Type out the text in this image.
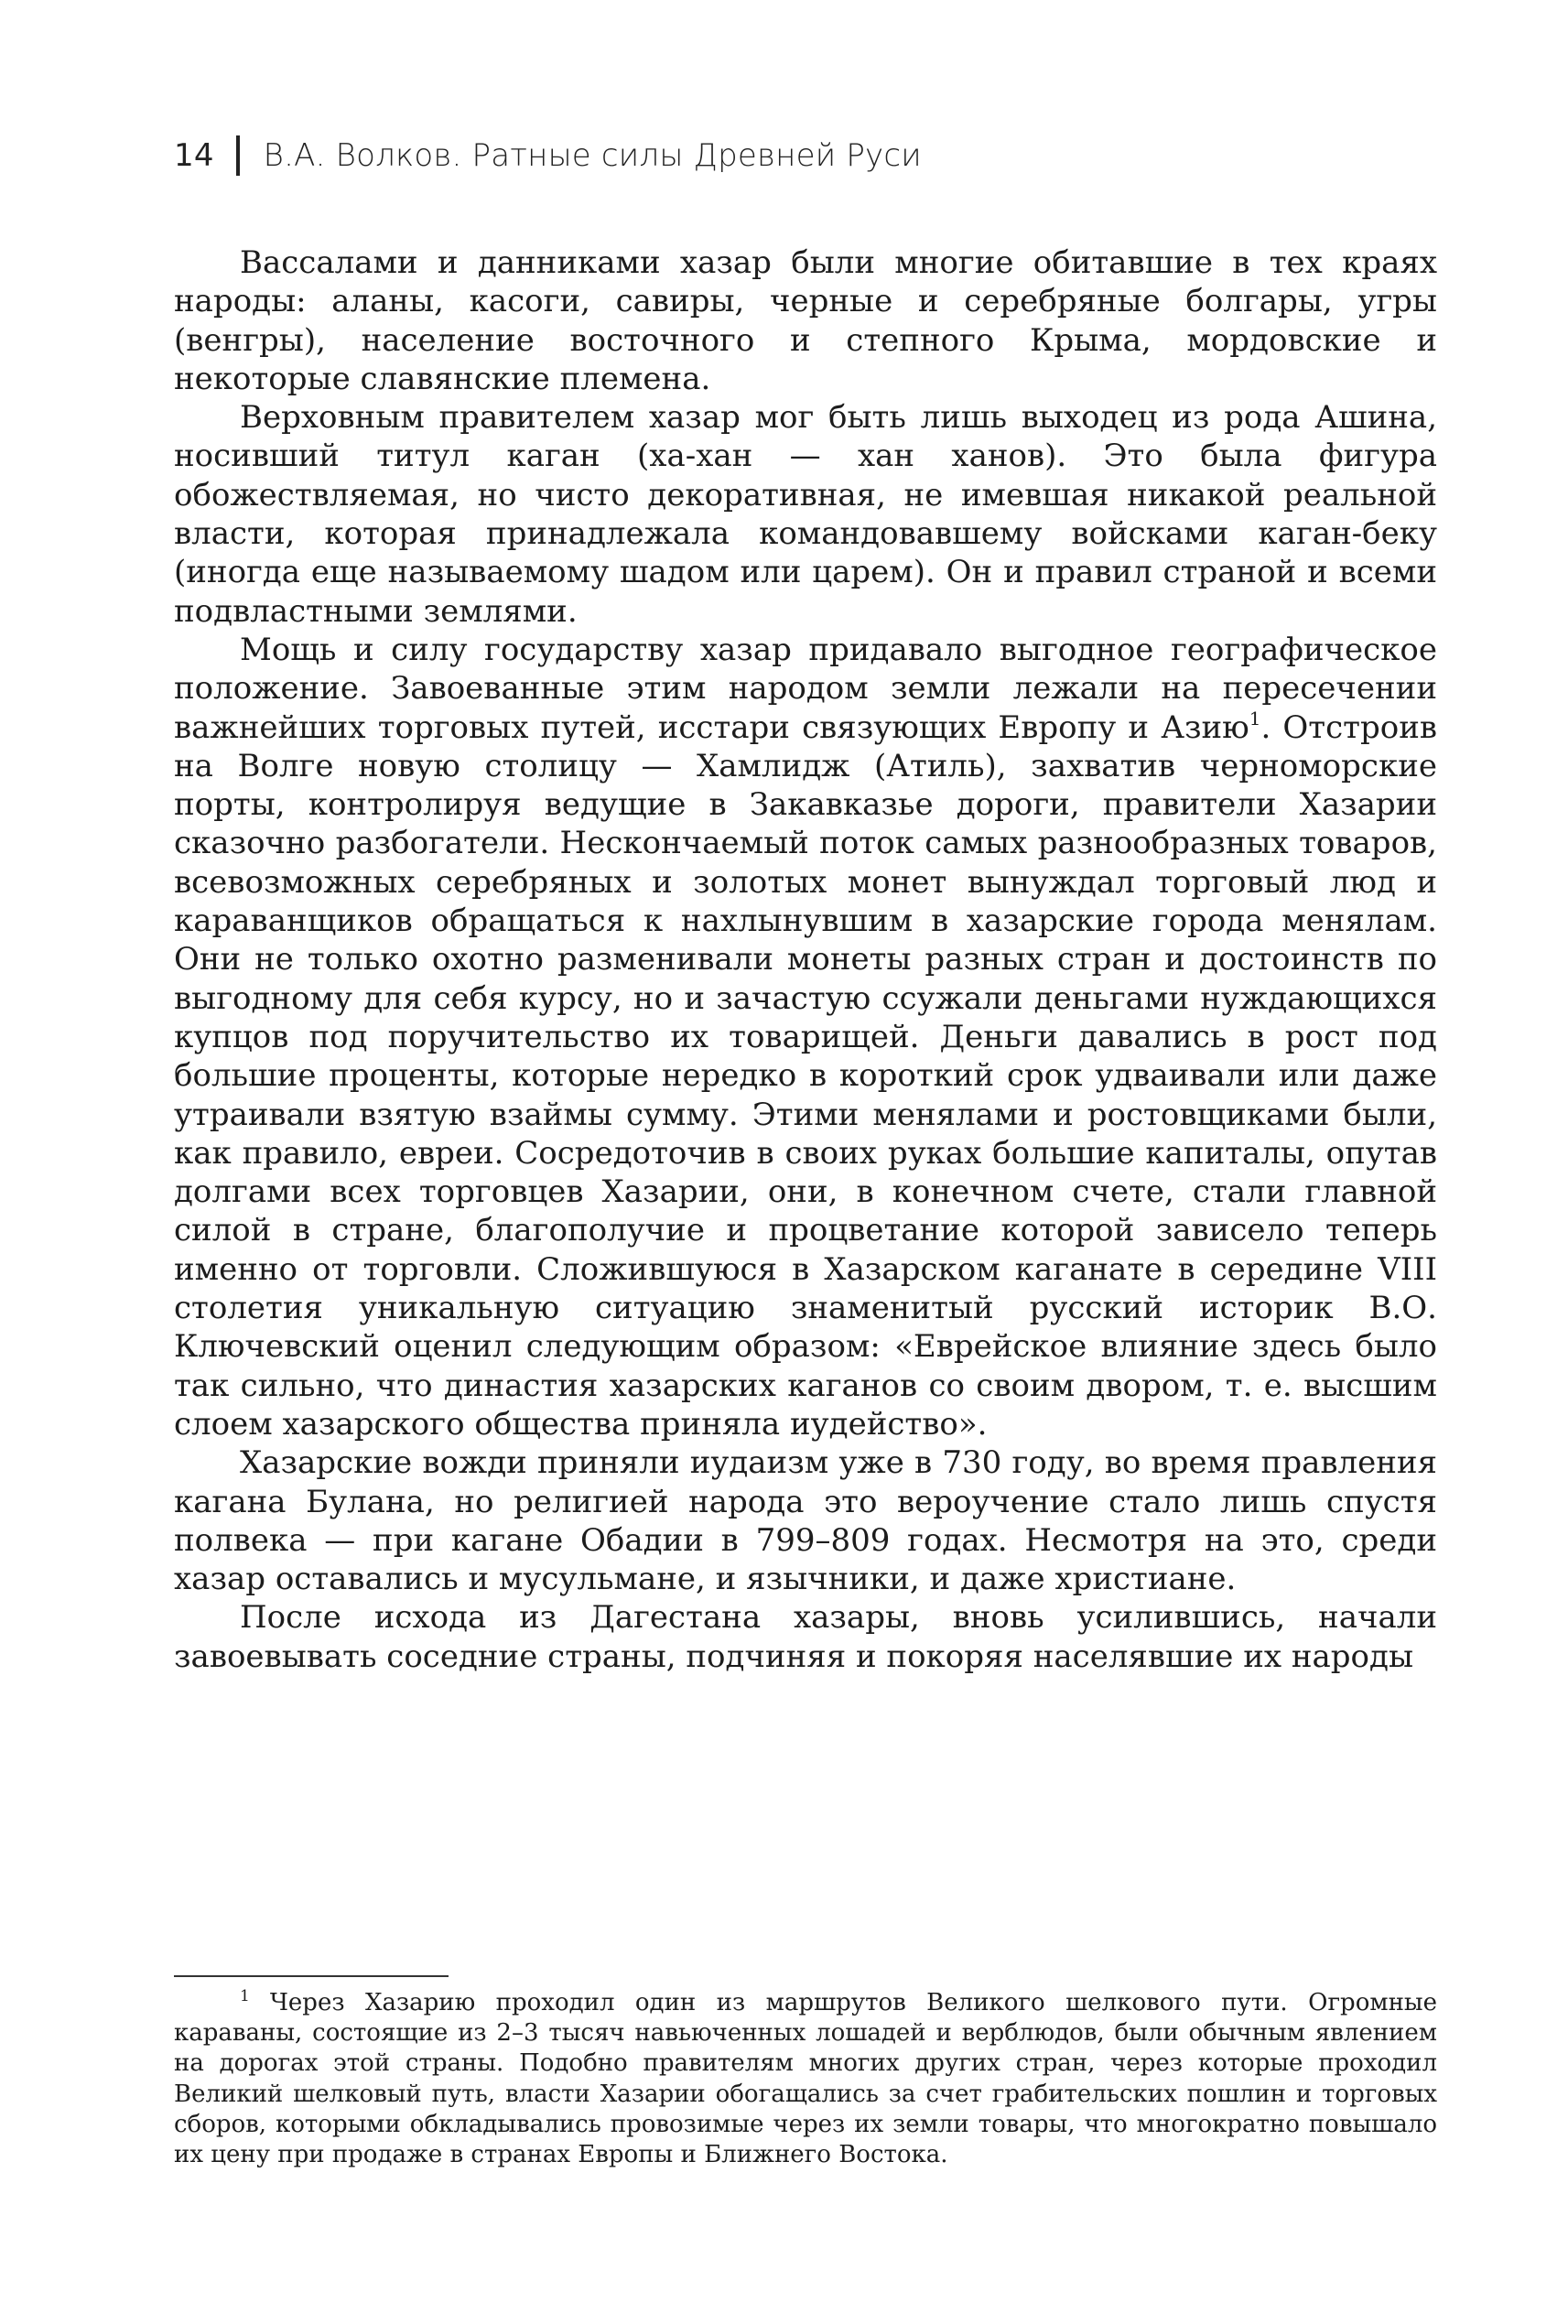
14 В.А. Волков. Ратные силы Древней Руси

Вассалами и данниками хазар были многие обитавшие в тех краях народы: аланы, касоги, савиры, черные и серебряные болгары, угры (венгры), население восточного и степного Крыма, мордовские и некоторые славянские племена.

Верховным правителем хазар мог быть лишь выходец из рода Ашина, носивший титул каган (ха-хан — хан ханов). Это была фигура обожествляемая, но чисто декоративная, не имевшая никакой реальной власти, которая принадлежала командовавшему войсками каган-беку (иногда еще называемому шадом или царем). Он и правил страной и всеми подвластными землями.

Мощь и силу государству хазар придавало выгодное географическое положение. Завоеванные этим народом земли лежали на пересечении важнейших торговых путей, исстари связующих Европу и Азию$^1$. Отстроив на Волге новую столицу — Хамлидж (Атиль), захватив черноморские порты, контролируя ведущие в Закавказье дороги, правители Хазарии сказочно разбогатели. Нескончаемый поток самых разнообразных товаров, всевозможных серебряных и золотых монет вынуждал торговый люд и караванщиков обращаться к нахлынувшим в хазарские города менялам. Они не только охотно разменивали монеты разных стран и достоинств по выгодному для себя курсу, но и зачастую ссужали деньгами нуждающихся купцов под поручительство их товарищей. Деньги давались в рост под большие проценты, которые нередко в короткий срок удваивали или даже утраивали взятую взаймы сумму. Этими менялами и ростовщиками были, как правило, евреи. Сосредоточив в своих руках большие капиталы, опутав долгами всех торговцев Хазарии, они, в конечном счете, стали главной силой в стране, благополучие и процветание которой зависело теперь именно от торговли. Сложившуюся в Хазарском каганате в середине VIII столетия уникальную ситуацию знаменитый русский историк В.О. Ключевский оценил следующим образом: «Еврейское влияние здесь было так сильно, что династия хазарских каганов со своим двором, т. е. высшим слоем хазарского общества приняла иудейство».

Хазарские вожди приняли иудаизм уже в 730 году, во время правления кагана Булана, но религией народа это вероучение стало лишь спустя полвека — при кагане Обадии в 799–809 годах. Несмотря на это, среди хазар оставались и мусульмане, и язычники, и даже христиане.

После исхода из Дагестана хазары, вновь усилившись, начали завоевывать соседние страны, подчиняя и покоряя населявшие их народы

$^1$ Через Хазарию проходил один из маршрутов Великого шелкового пути. Огромные караваны, состоящие из 2–3 тысяч навьюченных лошадей и верблюдов, были обычным явлением на дорогах этой страны. Подобно правителям многих других стран, через которые проходил Великий шелковый путь, власти Хазарии обогащались за счет грабительских пошлин и торговых сборов, которыми обкладывались провозимые через их земли товары, что многократно повышало их цену при продаже в странах Европы и Ближнего Востока.
